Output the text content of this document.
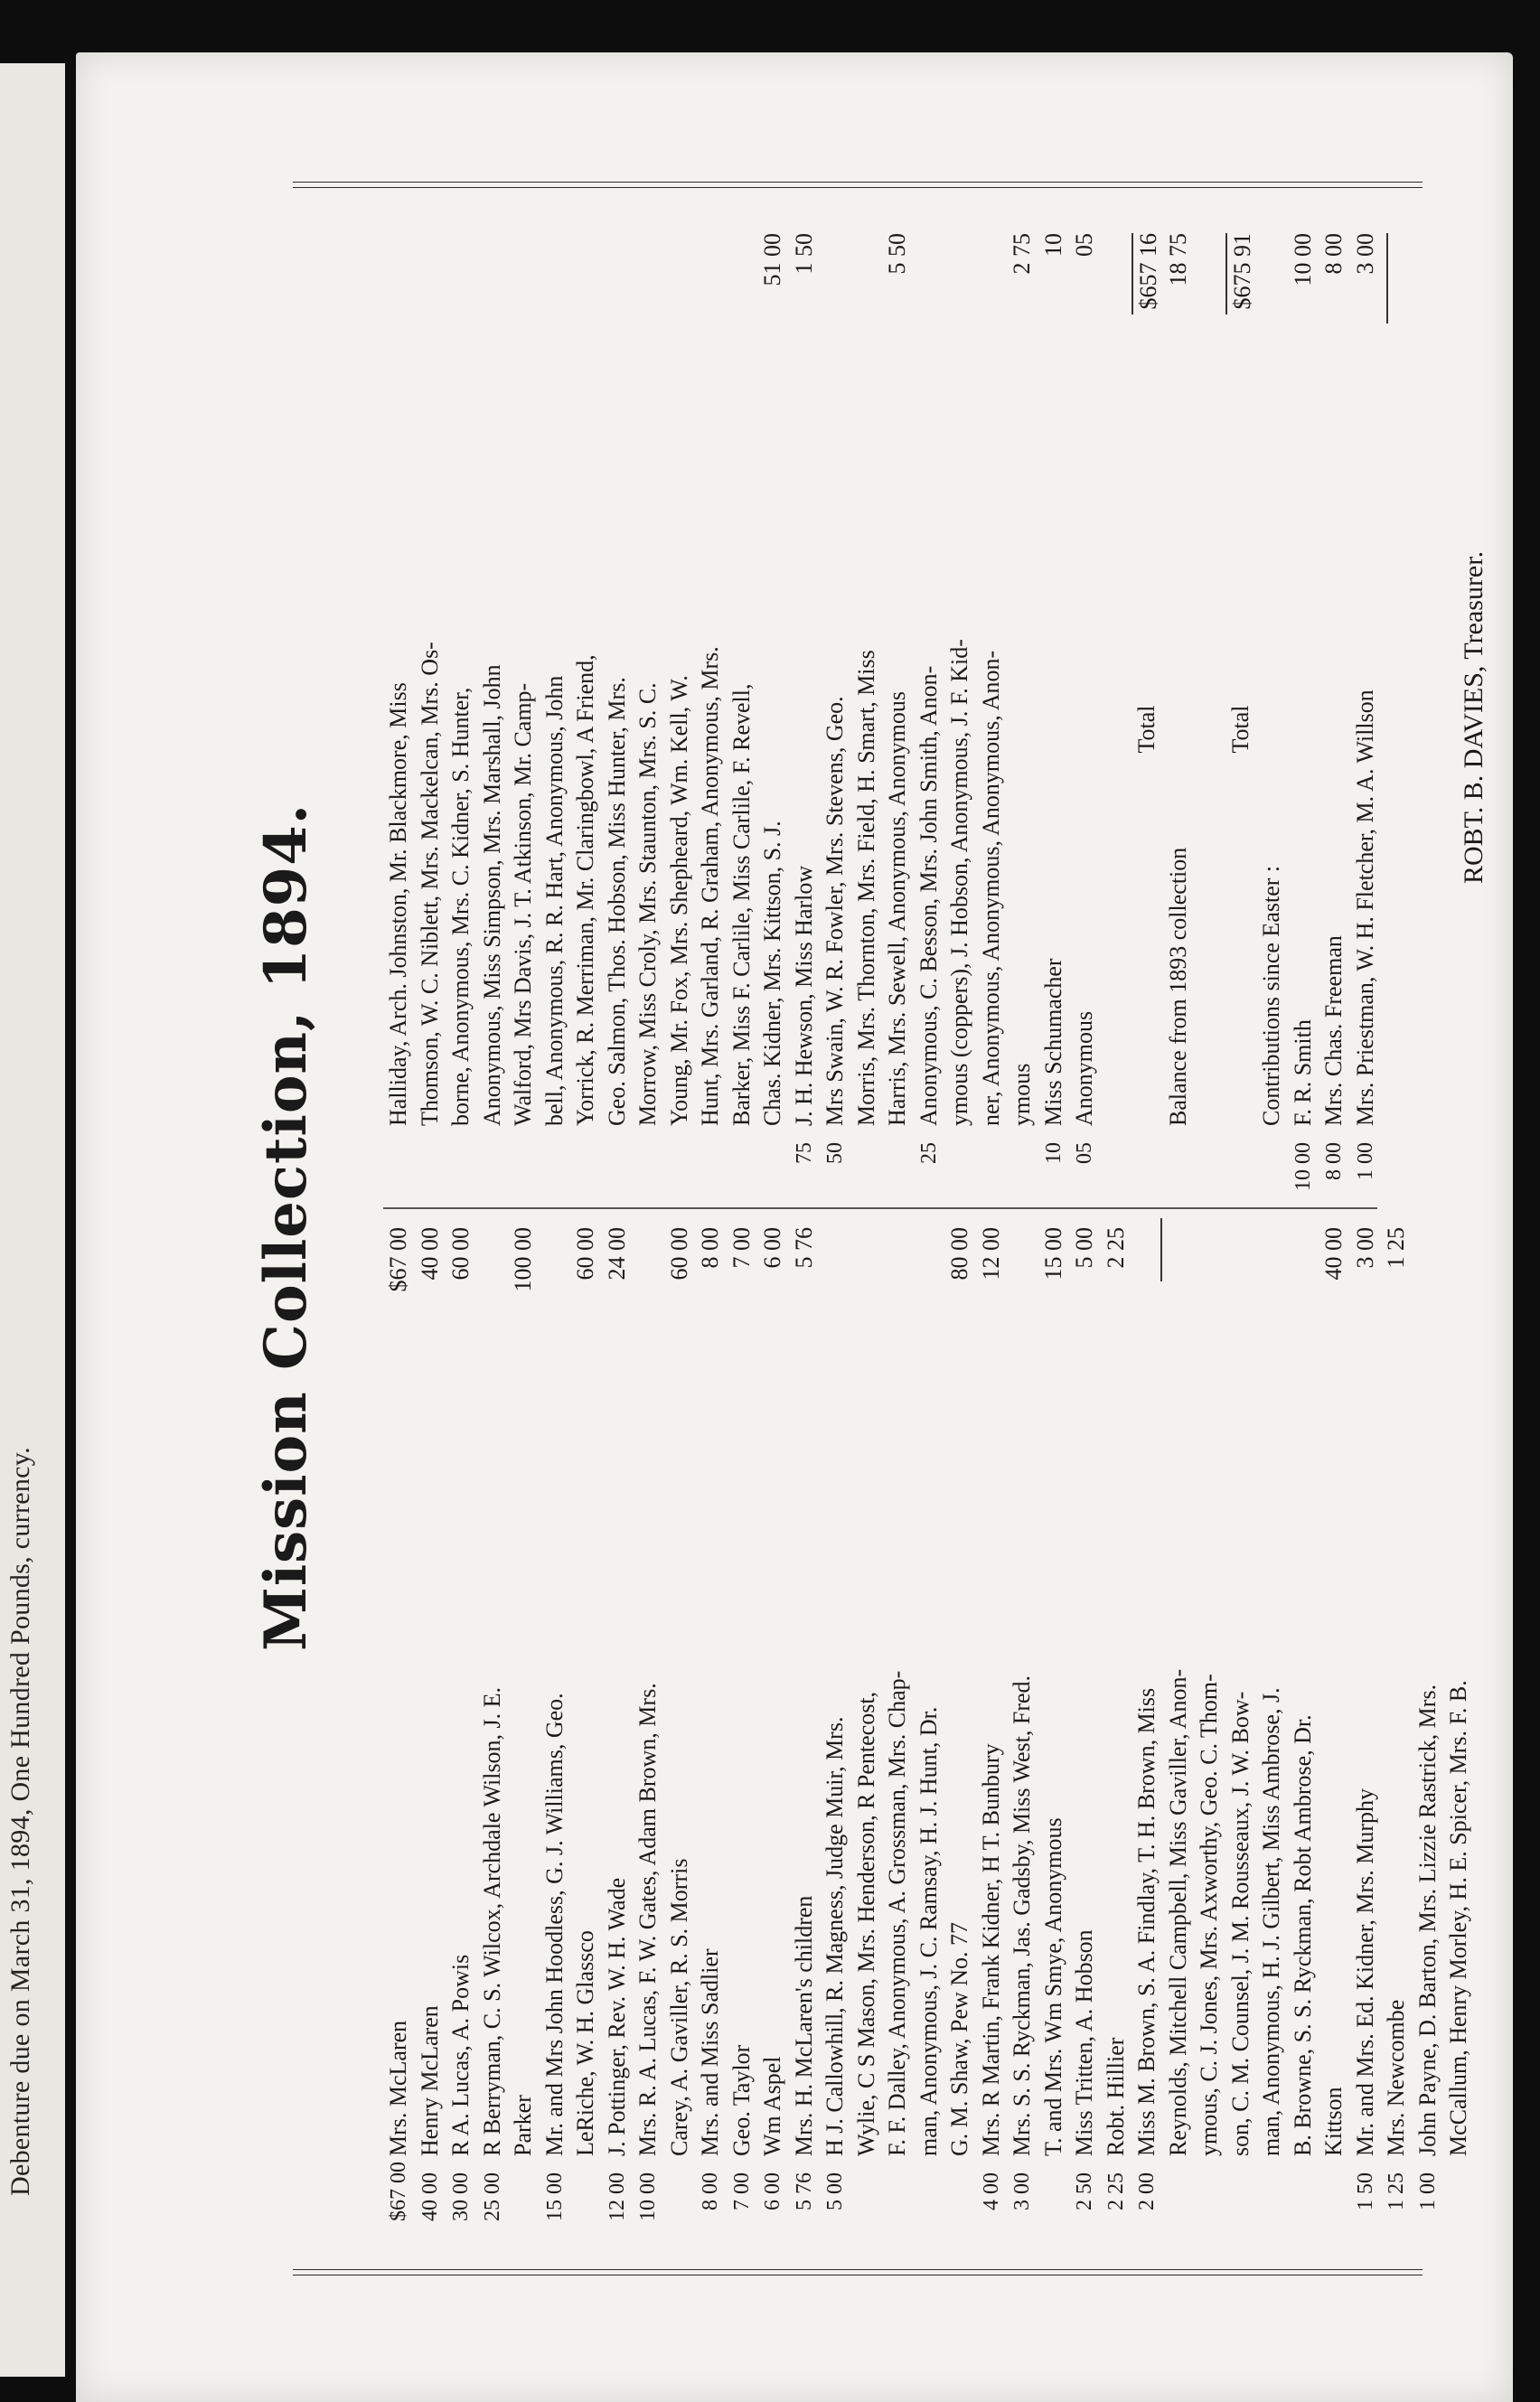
Debenture due on March 31, 1894, One Hundred Pounds, currency.
ROBT. B. DAVIES, Treasurer.
Mission Collection, 1894.
$67 00
Mrs. McLaren
$67 00
40 00
Henry McLaren
40 00
30 00
R A. Lucas, A. Powis
60 00
25 00
R Berryman, C. S. Wilcox, Archdale Wilson, J. E. Parker
100 00
15 00
Mr. and Mrs John Hoodless, G. J. Williams, Geo. LeRiche, W. H. Glassco
60 00
12 00
J. Pottinger, Rev. W. H. Wade
24 00
10 00
Mrs. R. A. Lucas, F. W. Gates, Adam Brown, Mrs. Carey, A. Gaviller, R. S. Morris
60 00
8 00
Mrs. and Miss Sadlier
8 00
7 00
Geo. Taylor
7 00
6 00
Wm Aspel
6 00
5 76
Mrs. H. McLaren's children
5 76
5 00
H J. Callowhill, R. Magness, Judge Muir, Mrs. Wylie, C S Mason, Mrs. Henderson, R Pentecost, F. F. Dalley, Anonymous, A. Grossman, Mrs. Chap- man, Anonymous, J. C. Ramsay, H. J. Hunt, Dr. G. M. Shaw, Pew No. 77
80 00
4 00
Mrs. R Martin, Frank Kidner, H T. Bunbury
12 00
3 00
Mrs. S. S. Ryckman, Jas. Gadsby, Miss West, Fred. T. and Mrs. Wm Smye, Anonymous
15 00
2 50
Miss Tritten, A. Hobson
5 00
2 25
Robt. Hillier
2 25
2 00
Miss M. Brown, S. A. Findlay, T. H. Brown, Miss Reynolds, Mitchell Campbell, Miss Gaviller, Anon- ymous, C. J. Jones, Mrs. Axworthy, Geo. C. Thom- son, C. M. Counsel, J. M. Rousseaux, J. W. Bow- man, Anonymous, H. J. Gilbert, Miss Ambrose, J. B. Browne, S. S. Ryckman, Robt Ambrose, Dr. Kittson
40 00
1 50
Mr. and Mrs. Ed. Kidner, Mrs. Murphy
3 00
1 25
Mrs. Newcombe
1 25
1 00
John Payne, D. Barton, Mrs. Lizzie Rastrick, Mrs. McCallum, Henry Morley, H. E. Spicer, Mrs. F. B.
Halliday, Arch. Johnston, Mr. Blackmore, Miss Thomson, W. C. Niblett, Mrs. Mackelcan, Mrs. Os- borne, Anonymous, Mrs. C. Kidner, S. Hunter, Anonymous, Miss Simpson, Mrs. Marshall, John Walford, Mrs Davis, J. T. Atkinson, Mr. Camp- bell, Anonymous, R. R. Hart, Anonymous, John Yorrick, R. Merriman, Mr. Claringbowl, A Friend, Geo. Salmon, Thos. Hobson, Miss Hunter, Mrs. Morrow, Miss Croly, Mrs. Staunton, Mrs. S. C. Young, Mr. Fox, Mrs. Shepheard, Wm. Kell, W. Hunt, Mrs. Garland, R. Graham, Anonymous, Mrs. Barker, Miss F. Carlile, Miss Carlile, F. Revell, Chas. Kidner, Mrs. Kittson, S. J.
51 00
75
J. H. Hewson, Miss Harlow
1 50
50
Mrs Swain, W. R. Fowler, Mrs. Stevens, Geo. Morris, Mrs. Thornton, Mrs. Field, H. Smart, Miss Harris, Mrs. Sewell, Anonymous, Anonymous
5 50
25
Anonymous, C. Besson, Mrs. John Smith, Anon- ymous (coppers), J. Hobson, Anonymous, J. F. Kid- ner, Anonymous, Anonymous, Anonymous, Anon- ymous
2 75
10
Miss Schumacher
10
05
Anonymous
05
Total
$657 16
Balance from 1893 collection
18 75
Total
$675 91
Contributions since Easter :
10 00
F. R. Smith
10 00
8 00
Mrs. Chas. Freeman
8 00
1 00
Mrs. Priestman, W. H. Fletcher, M. A. Willson
3 00
